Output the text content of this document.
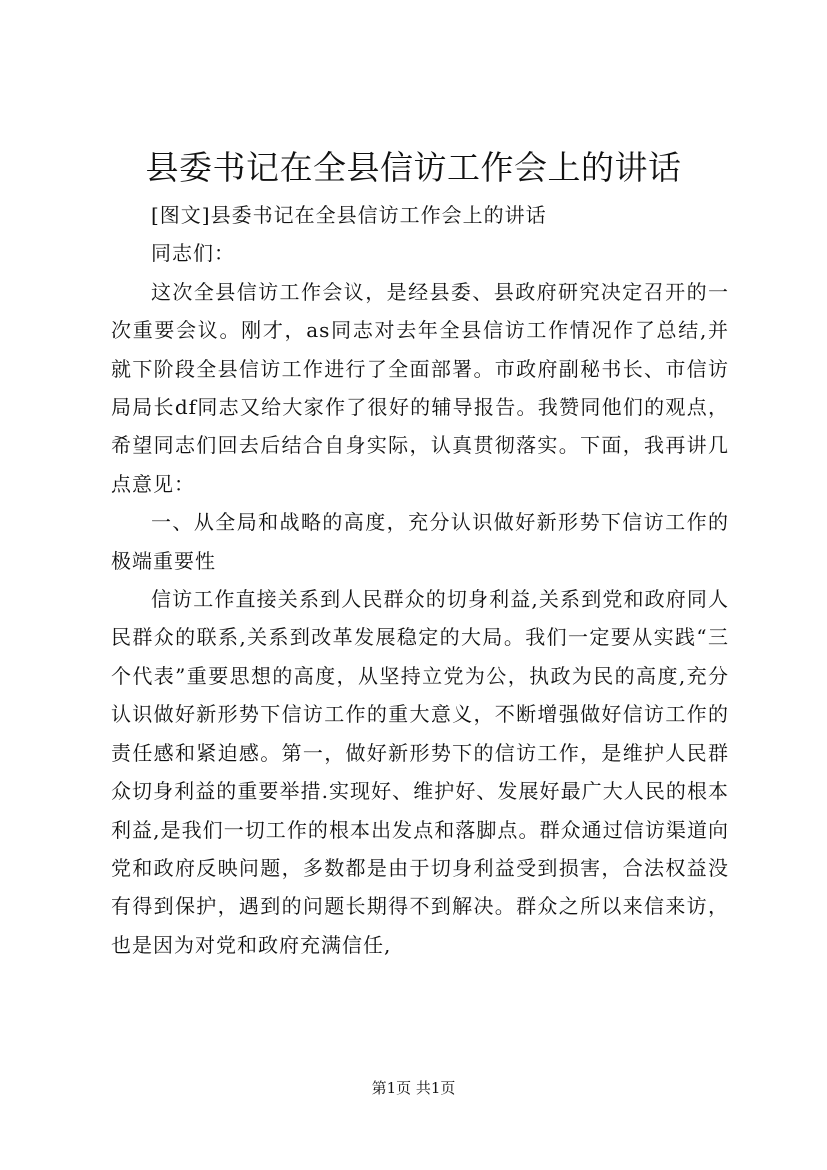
县委书记在全县信访工作会上的讲话

[图文]县委书记在全县信访工作会上的讲话

同志们：

这次全县信访工作会议，是经县委、县政府研究决定召开的一次重要会议。刚才，as同志对去年全县信访工作情况作了总结,并就下阶段全县信访工作进行了全面部署。市政府副秘书长、市信访局局长df同志又给大家作了很好的辅导报告。我赞同他们的观点，希望同志们回去后结合自身实际，认真贯彻落实。下面，我再讲几点意见：

一、从全局和战略的高度，充分认识做好新形势下信访工作的极端重要性

信访工作直接关系到人民群众的切身利益,关系到党和政府同人民群众的联系,关系到改革发展稳定的大局。我们一定要从实践“三个代表”重要思想的高度，从坚持立党为公，执政为民的高度,充分认识做好新形势下信访工作的重大意义，不断增强做好信访工作的责任感和紧迫感。第一，做好新形势下的信访工作，是维护人民群众切身利益的重要举措.实现好、维护好、发展好最广大人民的根本利益,是我们一切工作的根本出发点和落脚点。群众通过信访渠道向党和政府反映问题，多数都是由于切身利益受到损害，合法权益没有得到保护，遇到的问题长期得不到解决。群众之所以来信来访，也是因为对党和政府充满信任,

第1页 共1页
